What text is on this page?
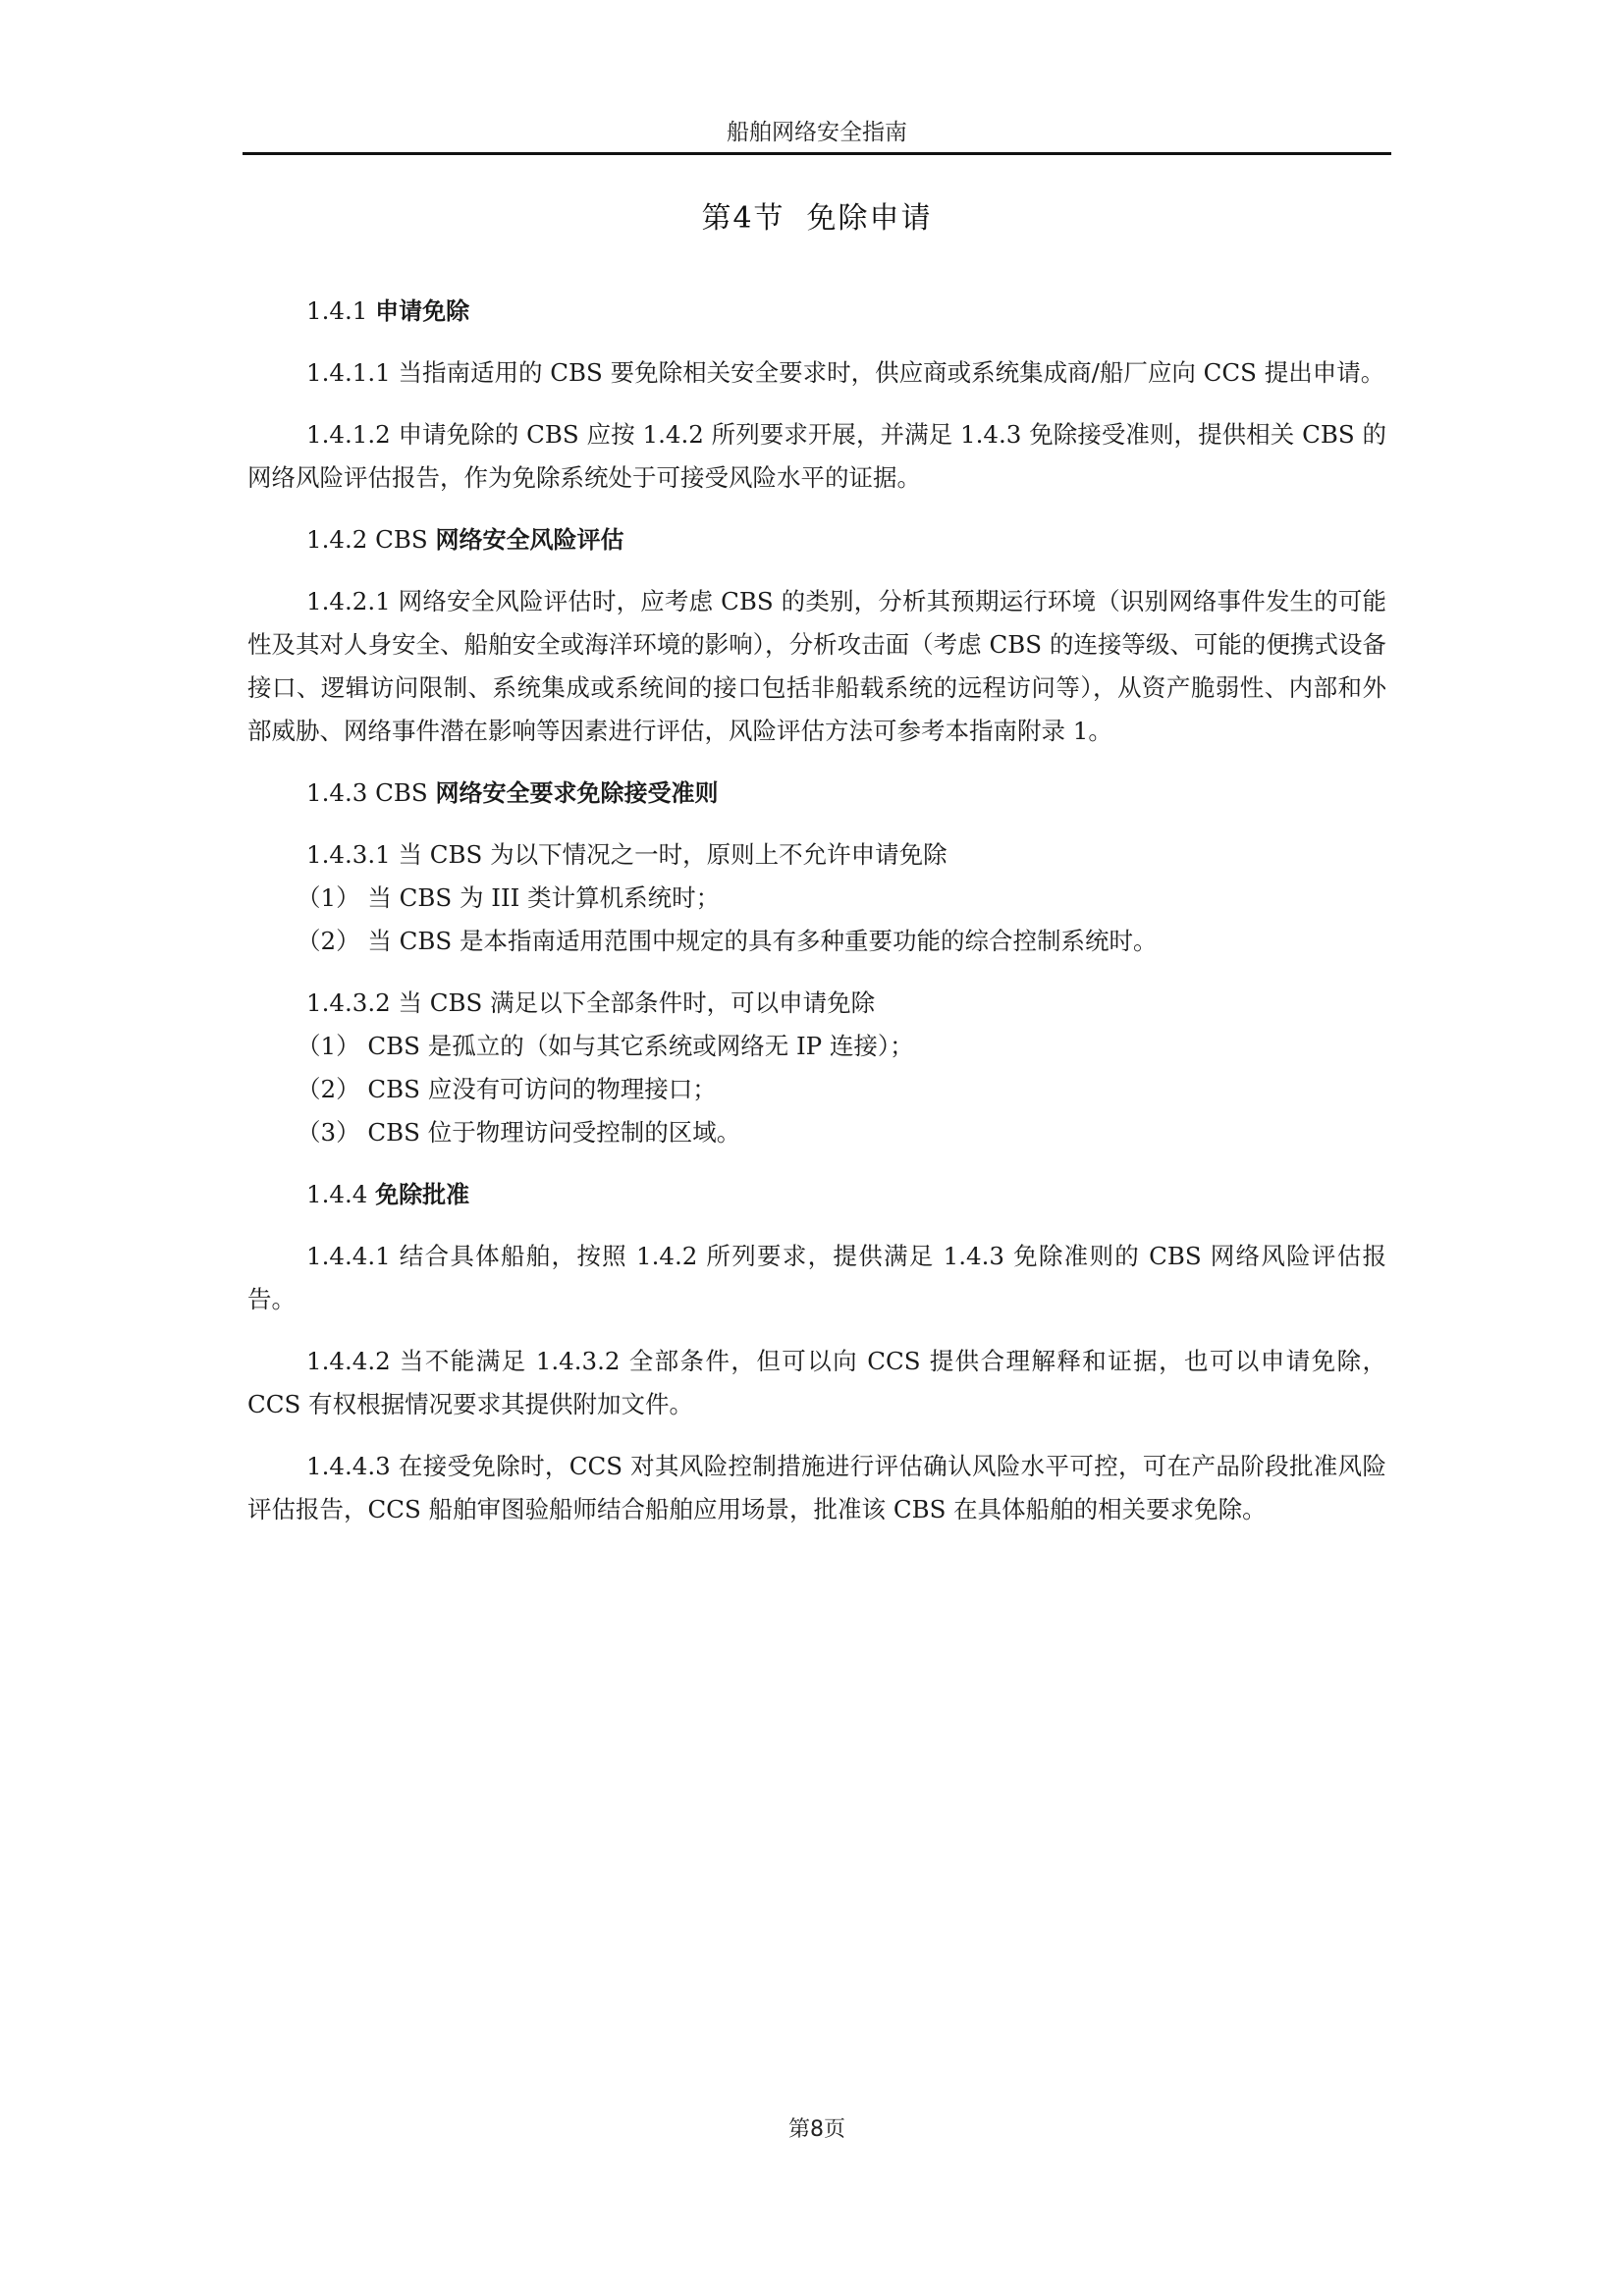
船舶网络安全指南
第4节 免除申请

1.4.1 申请免除

1.4.1.1 当指南适用的 CBS 要免除相关安全要求时，供应商或系统集成商/船厂应向 CCS 提出申请。

1.4.1.2 申请免除的 CBS 应按 1.4.2 所列要求开展，并满足 1.4.3 免除接受准则，提供相关 CBS 的网络风险评估报告，作为免除系统处于可接受风险水平的证据。

1.4.2 CBS 网络安全风险评估

1.4.2.1 网络安全风险评估时，应考虑 CBS 的类别，分析其预期运行环境（识别网络事件发生的可能性及其对人身安全、船舶安全或海洋环境的影响），分析攻击面（考虑 CBS 的连接等级、可能的便携式设备接口、逻辑访问限制、系统集成或系统间的接口包括非船载系统的远程访问等），从资产脆弱性、内部和外部威胁、网络事件潜在影响等因素进行评估，风险评估方法可参考本指南附录 1。

1.4.3 CBS 网络安全要求免除接受准则

1.4.3.1 当 CBS 为以下情况之一时，原则上不允许申请免除

（1） 当 CBS 为 III 类计算机系统时；

（2） 当 CBS 是本指南适用范围中规定的具有多种重要功能的综合控制系统时。

1.4.3.2 当 CBS 满足以下全部条件时，可以申请免除

（1） CBS 是孤立的（如与其它系统或网络无 IP 连接）；

（2） CBS 应没有可访问的物理接口；

（3） CBS 位于物理访问受控制的区域。

1.4.4 免除批准

1.4.4.1 结合具体船舶，按照 1.4.2 所列要求，提供满足 1.4.3 免除准则的 CBS 网络风险评估报告。

1.4.4.2 当不能满足 1.4.3.2 全部条件，但可以向 CCS 提供合理解释和证据，也可以申请免除，CCS 有权根据情况要求其提供附加文件。

1.4.4.3 在接受免除时，CCS 对其风险控制措施进行评估确认风险水平可控，可在产品阶段批准风险评估报告，CCS 船舶审图验船师结合船舶应用场景，批准该 CBS 在具体船舶的相关要求免除。

第8页
